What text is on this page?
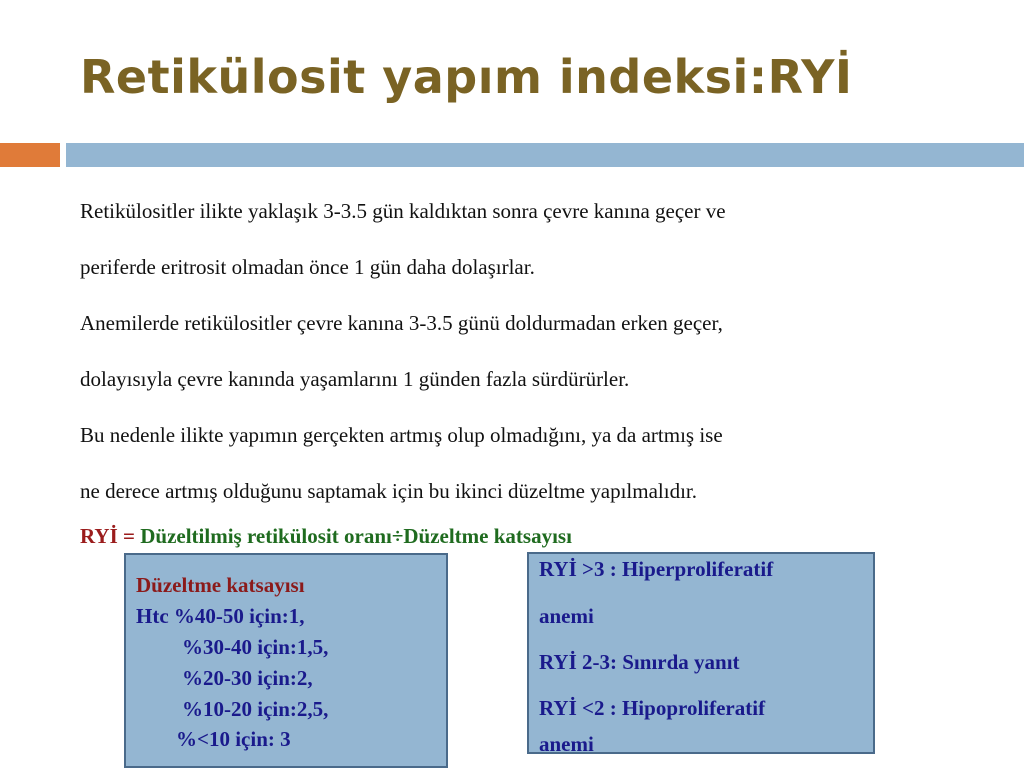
Retikülosit yapım indeksi:RYİ

Retikülositler ilikte yaklaşık 3-3.5 gün kaldıktan sonra çevre kanına geçer ve

periferde eritrosit olmadan önce 1 gün daha dolaşırlar.

Anemilerde retikülositler çevre kanına 3-3.5 günü doldurmadan erken geçer,

dolayısıyla çevre kanında yaşamlarını 1 günden fazla sürdürürler.

Bu nedenle ilikte yapımın gerçekten artmış olup olmadığını, ya da artmış ise

ne derece artmış olduğunu saptamak için bu ikinci düzeltme yapılmalıdır.

RYİ = Düzeltilmiş retikülosit oranı÷Düzeltme katsayısı
Düzeltme katsayısı
Htc %40-50 için:1,
%30-40 için:1,5,
%20-30 için:2,
%10-20 için:2,5,
%<10 için: 3
RYİ >3 : Hiperproliferatif
anemi
RYİ 2-3: Sınırda yanıt
RYİ <2 : Hipoproliferatif
anemi
